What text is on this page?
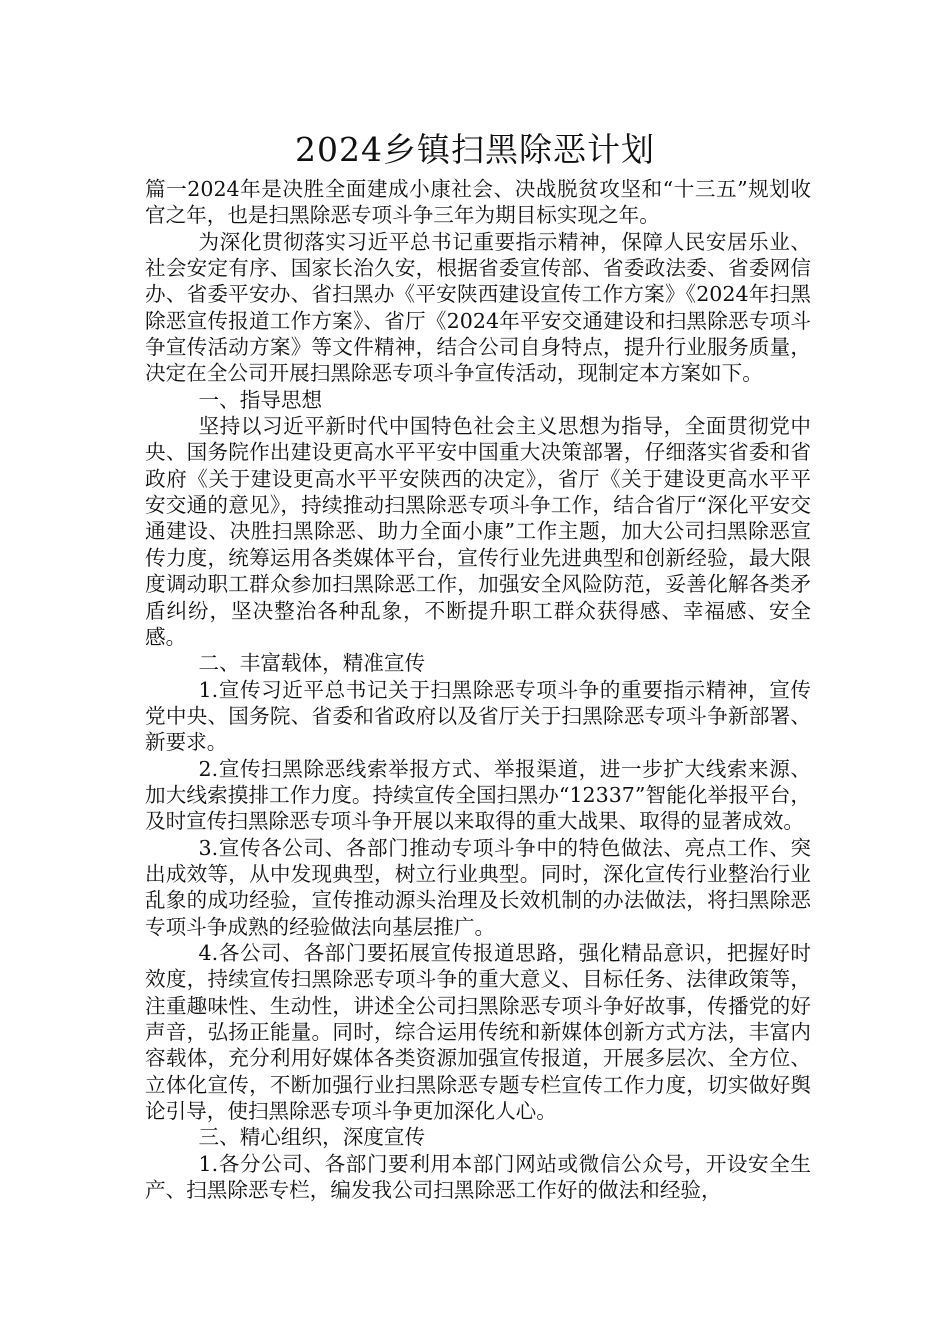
2024乡镇扫黑除恶计划

篇一2024年是决胜全面建成小康社会、决战脱贫攻坚和“十三五”规划收官之年，也是扫黑除恶专项斗争三年为期目标实现之年。

为深化贯彻落实习近平总书记重要指示精神，保障人民安居乐业、社会安定有序、国家长治久安，根据省委宣传部、省委政法委、省委网信办、省委平安办、省扫黑办《平安陕西建设宣传工作方案》《2024年扫黑除恶宣传报道工作方案》、省厅《2024年平安交通建设和扫黑除恶专项斗争宣传活动方案》等文件精神，结合公司自身特点，提升行业服务质量，决定在全公司开展扫黑除恶专项斗争宣传活动，现制定本方案如下。

一、指导思想

坚持以习近平新时代中国特色社会主义思想为指导，全面贯彻党中央、国务院作出建设更高水平平安中国重大决策部署，仔细落实省委和省政府《关于建设更高水平平安陕西的决定》，省厅《关于建设更高水平平安交通的意见》，持续推动扫黑除恶专项斗争工作，结合省厅“深化平安交通建设、决胜扫黑除恶、助力全面小康”工作主题，加大公司扫黑除恶宣传力度，统筹运用各类媒体平台，宣传行业先进典型和创新经验，最大限度调动职工群众参加扫黑除恶工作，加强安全风险防范，妥善化解各类矛盾纠纷，坚决整治各种乱象，不断提升职工群众获得感、幸福感、安全感。

二、丰富载体，精准宣传

1.宣传习近平总书记关于扫黑除恶专项斗争的重要指示精神，宣传党中央、国务院、省委和省政府以及省厅关于扫黑除恶专项斗争新部署、新要求。

2.宣传扫黑除恶线索举报方式、举报渠道，进一步扩大线索来源、加大线索摸排工作力度。持续宣传全国扫黑办“12337”智能化举报平台，及时宣传扫黑除恶专项斗争开展以来取得的重大战果、取得的显著成效。

3.宣传各公司、各部门推动专项斗争中的特色做法、亮点工作、突出成效等，从中发现典型，树立行业典型。同时，深化宣传行业整治行业乱象的成功经验，宣传推动源头治理及长效机制的办法做法，将扫黑除恶专项斗争成熟的经验做法向基层推广。

4.各公司、各部门要拓展宣传报道思路，强化精品意识，把握好时效度，持续宣传扫黑除恶专项斗争的重大意义、目标任务、法律政策等，注重趣味性、生动性，讲述全公司扫黑除恶专项斗争好故事，传播党的好声音，弘扬正能量。同时，综合运用传统和新媒体创新方式方法，丰富内容载体，充分利用好媒体各类资源加强宣传报道，开展多层次、全方位、立体化宣传，不断加强行业扫黑除恶专题专栏宣传工作力度，切实做好舆论引导，使扫黑除恶专项斗争更加深化人心。

三、精心组织，深度宣传

1.各分公司、各部门要利用本部门网站或微信公众号，开设安全生产、扫黑除恶专栏，编发我公司扫黑除恶工作好的做法和经验，
